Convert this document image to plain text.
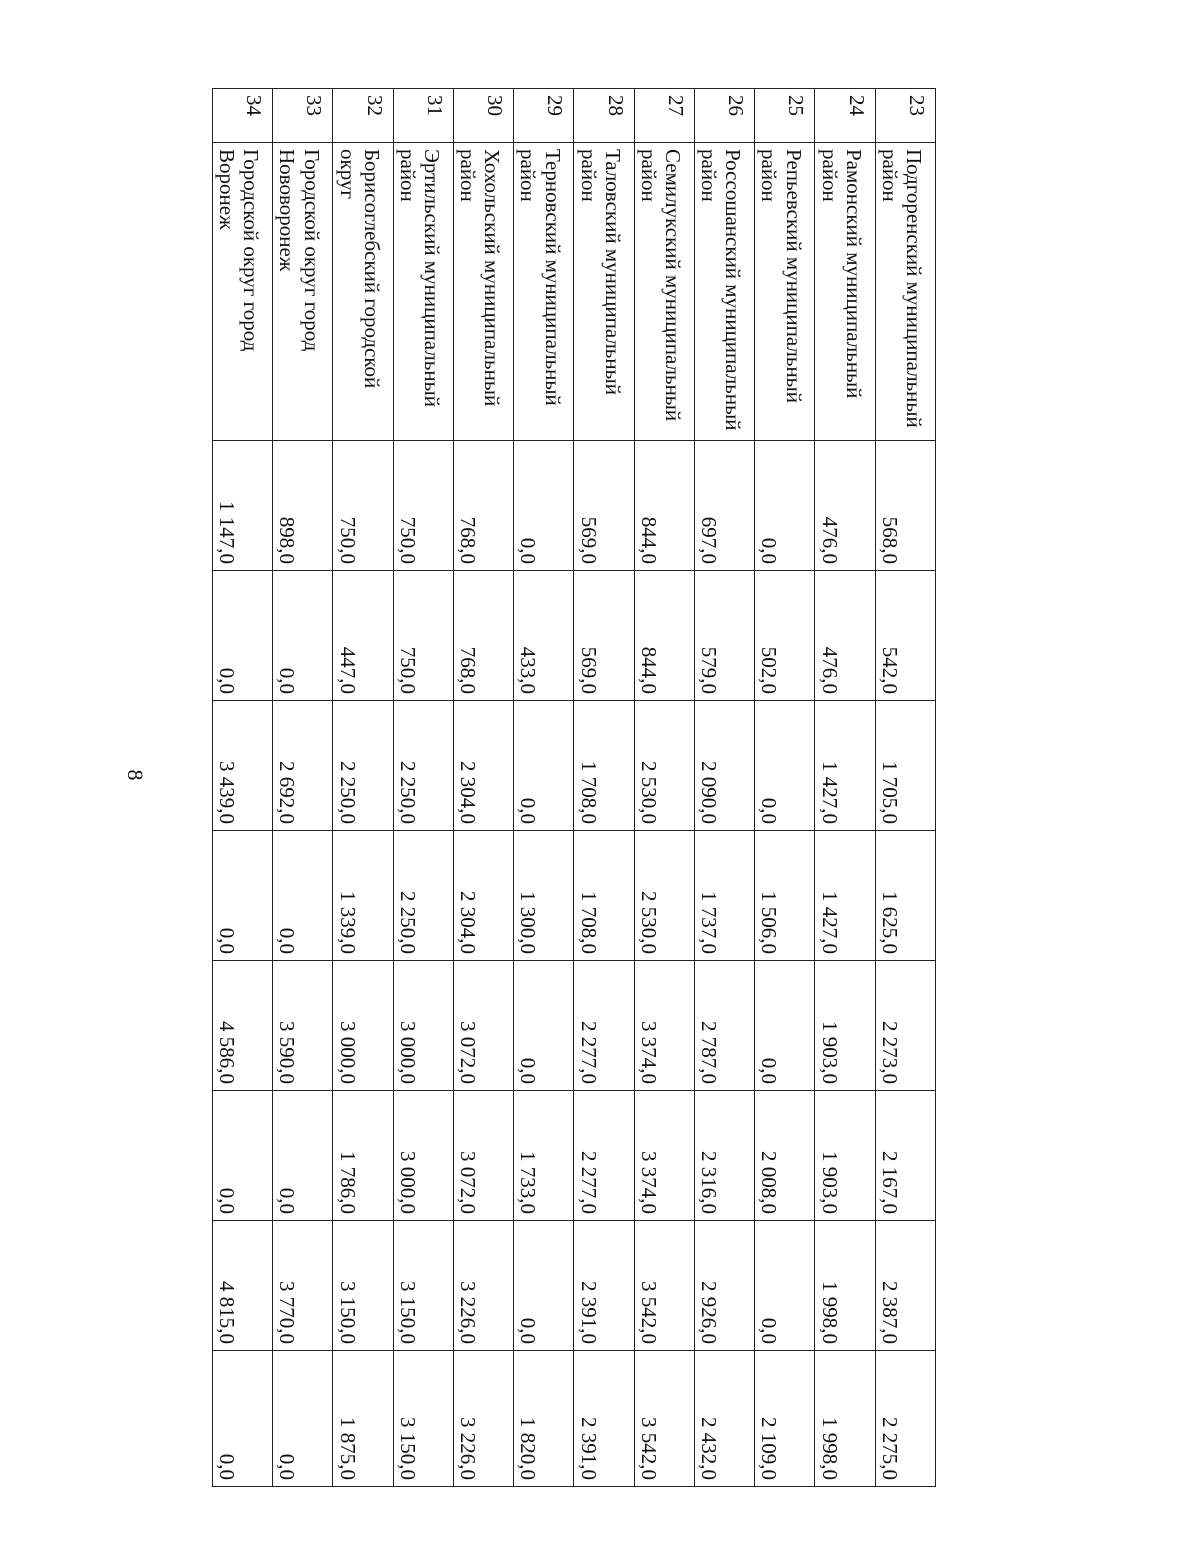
8
23	Подгоренский муниципальный район	568,0	542,0	1 705,0	1 625,0	2 273,0	2 167,0	2 387,0	2 275,0
24	Рамонский муниципальный район	476,0	476,0	1 427,0	1 427,0	1 903,0	1 903,0	1 998,0	1 998,0
25	Репьевский муниципальный район	0,0	502,0	0,0	1 506,0	0,0	2 008,0	0,0	2 109,0
26	Россошанский муниципальный район	697,0	579,0	2 090,0	1 737,0	2 787,0	2 316,0	2 926,0	2 432,0
27	Семилукский муниципальный район	844,0	844,0	2 530,0	2 530,0	3 374,0	3 374,0	3 542,0	3 542,0
28	Таловский муниципальный район	569,0	569,0	1 708,0	1 708,0	2 277,0	2 277,0	2 391,0	2 391,0
29	Терновский муниципальный район	0,0	433,0	0,0	1 300,0	0,0	1 733,0	0,0	1 820,0
30	Хохольский муниципальный район	768,0	768,0	2 304,0	2 304,0	3 072,0	3 072,0	3 226,0	3 226,0
31	Эртильский муниципальный район	750,0	750,0	2 250,0	2 250,0	3 000,0	3 000,0	3 150,0	3 150,0
32	Борисоглебский городской округ	750,0	447,0	2 250,0	1 339,0	3 000,0	1 786,0	3 150,0	1 875,0
33	Городской округ город Нововоронеж	898,0	0,0	2 692,0	0,0	3 590,0	0,0	3 770,0	0,0
34	Городской округ город Воронеж	1 147,0	0,0	3 439,0	0,0	4 586,0	0,0	4 815,0	0,0
